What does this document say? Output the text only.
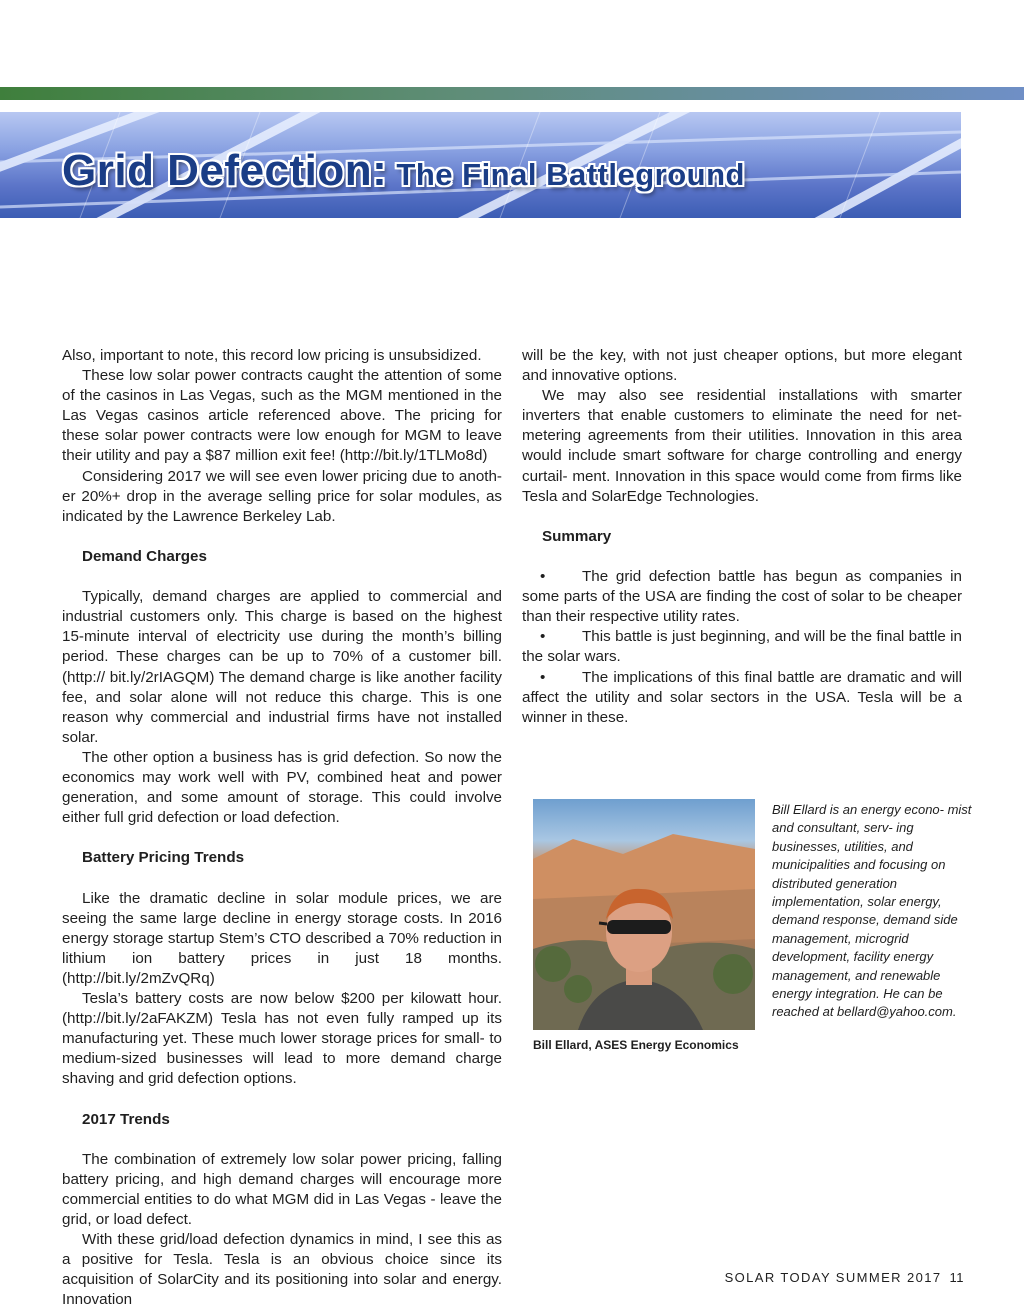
Grid Defection: The Final Battleground

Also, important to note, this record low pricing is unsubsidized.

These low solar power contracts caught the attention of some of the casinos in Las Vegas, such as the MGM mentioned in the Las Vegas casinos article referenced above. The pricing for these solar power contracts were low enough for MGM to leave their utility and pay a $87 million exit fee! (http://bit.ly/1TLMo8d)

Considering 2017 we will see even lower pricing due to anoth- er 20%+ drop in the average selling price for solar modules, as indicated by the Lawrence Berkeley Lab.

Demand Charges

Typically, demand charges are applied to commercial and industrial customers only. This charge is based on the highest 15-minute interval of electricity use during the month’s billing period. These charges can be up to 70% of a customer bill. (http:// bit.ly/2rIAGQM) The demand charge is like another facility fee, and solar alone will not reduce this charge. This is one reason why commercial and industrial firms have not installed solar.

The other option a business has is grid defection. So now the economics may work well with PV, combined heat and power generation, and some amount of storage. This could involve either full grid defection or load defection.

Battery Pricing Trends

Like the dramatic decline in solar module prices, we are seeing the same large decline in energy storage costs. In 2016 energy storage startup Stem’s CTO described a 70% reduction in lithium ion battery prices in just 18 months. (http://bit.ly/2mZvQRq)

Tesla’s battery costs are now below $200 per kilowatt hour. (http://bit.ly/2aFAKZM) Tesla has not even fully ramped up its manufacturing yet. These much lower storage prices for small- to medium-sized businesses will lead to more demand charge shaving and grid defection options.

2017 Trends

The combination of extremely low solar power pricing, falling battery pricing, and high demand charges will encourage more commercial entities to do what MGM did in Las Vegas - leave the grid, or load defect.

With these grid/load defection dynamics in mind, I see this as a positive for Tesla. Tesla is an obvious choice since its acquisition of SolarCity and its positioning into solar and energy. Innovation

will be the key, with not just cheaper options, but more elegant and innovative options.

We may also see residential installations with smarter inverters that enable customers to eliminate the need for net-metering agreements from their utilities. Innovation in this area would include smart software for charge controlling and energy curtail- ment. Innovation in this space would come from firms like Tesla and SolarEdge Technologies.

Summary

• The grid defection battle has begun as companies in some parts of the USA are finding the cost of solar to be cheaper than their respective utility rates.

• This battle is just beginning, and will be the final battle in the solar wars.

• The implications of this final battle are dramatic and will affect the utility and solar sectors in the USA. Tesla will be a winner in these.

Bill Ellard, ASES Energy Economics
Bill Ellard is an energy econo- mist and consultant, serv- ing businesses, utilities, and municipalities and focusing on distributed generation implementation, solar energy, demand response, demand side management, microgrid development, facility energy management, and renewable energy integration. He can be reached at bellard@yahoo.com.
SOLAR TODAY SUMMER 2017 11
